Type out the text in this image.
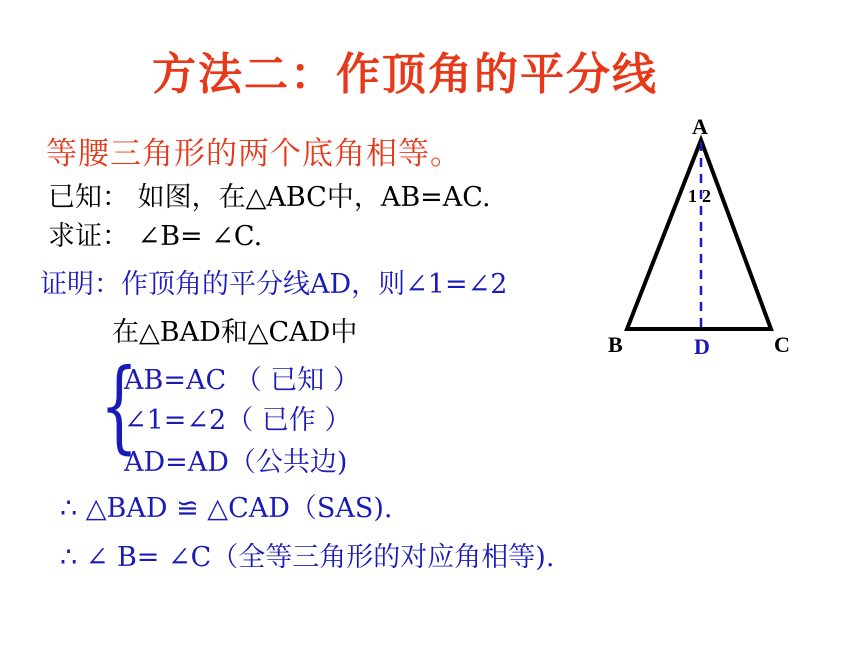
方法二：作顶角的平分线
等腰三角形的两个底角相等。
已知： 如图，在△ABC中，AB=AC.
求证： ∠B= ∠C.
证明：作顶角的平分线AD，则∠1=∠2
在△BAD和△CAD中
{
AB=AC （ 已知 ）
∠1=∠2（ 已作 ）
AD=AD（公共边)
∴ △BAD ≌ △CAD（SAS).
∴ ∠ B= ∠C（全等三角形的对应角相等).
A
B	C
D
1 2
